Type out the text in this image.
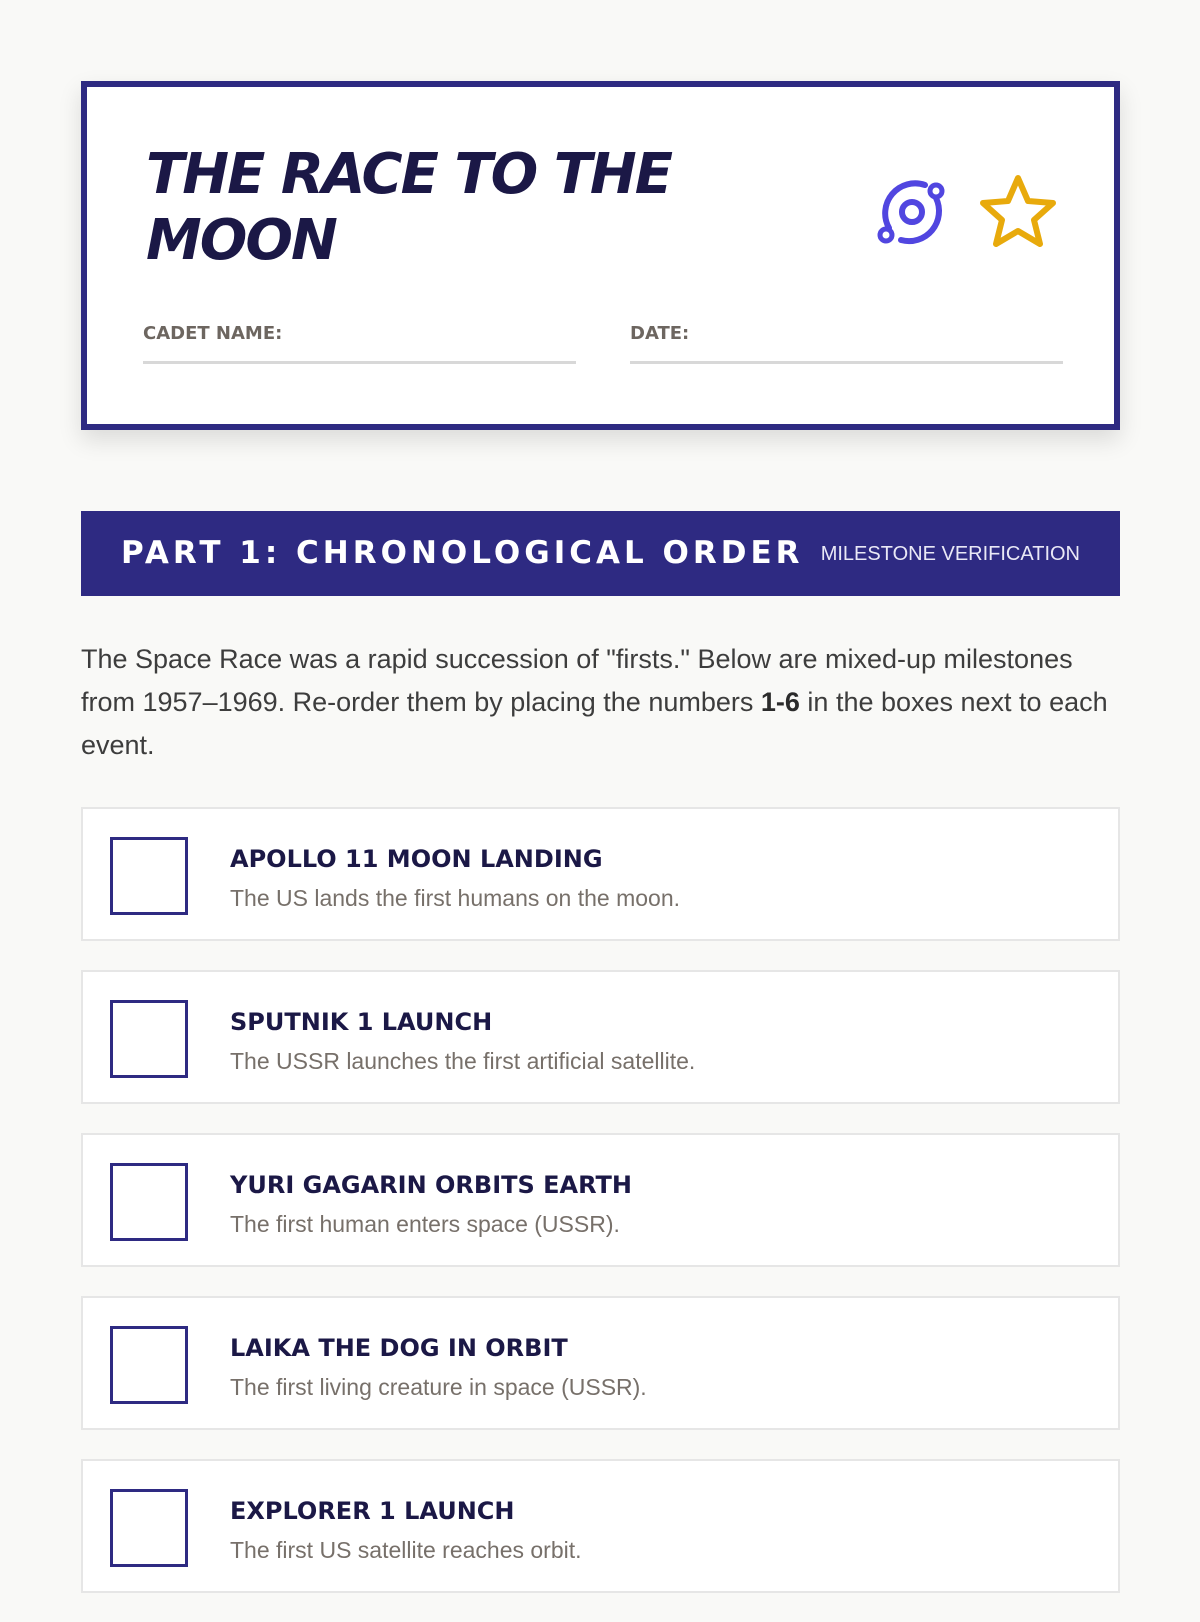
THE RACE TO THE MOON
CADET NAME:	DATE:
PART 1: CHRONOLOGICAL ORDER MILESTONE VERIFICATION

The Space Race was a rapid succession of "firsts." Below are mixed-up milestones from 1957–1969. Re-order them by placing the numbers 1-6 in the boxes next to each event.

APOLLO 11 MOON LANDING
The US lands the first humans on the moon.
SPUTNIK 1 LAUNCH
The USSR launches the first artificial satellite.
YURI GAGARIN ORBITS EARTH
The first human enters space (USSR).
LAIKA THE DOG IN ORBIT
The first living creature in space (USSR).
EXPLORER 1 LAUNCH
The first US satellite reaches orbit.
